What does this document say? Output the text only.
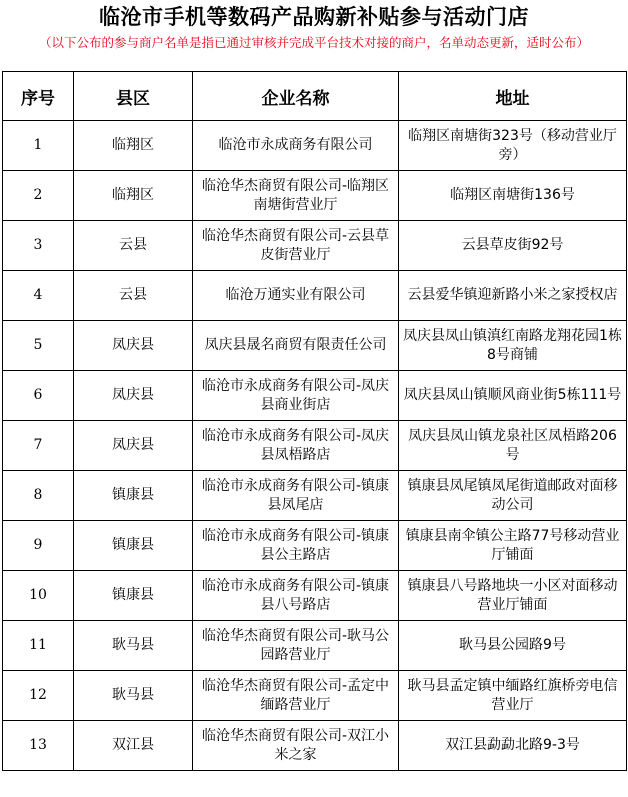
临沧市手机等数码产品购新补贴参与活动门店
（以下公布的参与商户名单是指已通过审核并完成平台技术对接的商户，名单动态更新，适时公布）
序号	县区	企业名称	地址
1	临翔区	临沧市永成商务有限公司	临翔区南塘街323号（移动营业厅旁）
2	临翔区	临沧华杰商贸有限公司-临翔区南塘街营业厅	临翔区南塘街136号
3	云县	临沧华杰商贸有限公司-云县草皮街营业厅	云县草皮街92号
4	云县	临沧万通实业有限公司	云县爱华镇迎新路小米之家授权店
5	凤庆县	凤庆县晟名商贸有限责任公司	凤庆县凤山镇滇红南路龙翔花园1栋8号商铺
6	凤庆县	临沧市永成商务有限公司-凤庆县商业街店	凤庆县凤山镇顺风商业街5栋111号
7	凤庆县	临沧市永成商务有限公司-凤庆县凤梧路店	凤庆县凤山镇龙泉社区凤梧路206号
8	镇康县	临沧市永成商务有限公司-镇康县凤尾店	镇康县凤尾镇凤尾街道邮政对面移动公司
9	镇康县	临沧市永成商务有限公司-镇康县公主路店	镇康县南伞镇公主路77号移动营业厅铺面
10	镇康县	临沧市永成商务有限公司-镇康县八号路店	镇康县八号路地块一小区对面移动营业厅铺面
11	耿马县	临沧华杰商贸有限公司-耿马公园路营业厅	耿马县公园路9号
12	耿马县	临沧华杰商贸有限公司-孟定中缅路营业厅	耿马县孟定镇中缅路红旗桥旁电信营业厅
13	双江县	临沧华杰商贸有限公司-双江小米之家	双江县勐勐北路9-3号
